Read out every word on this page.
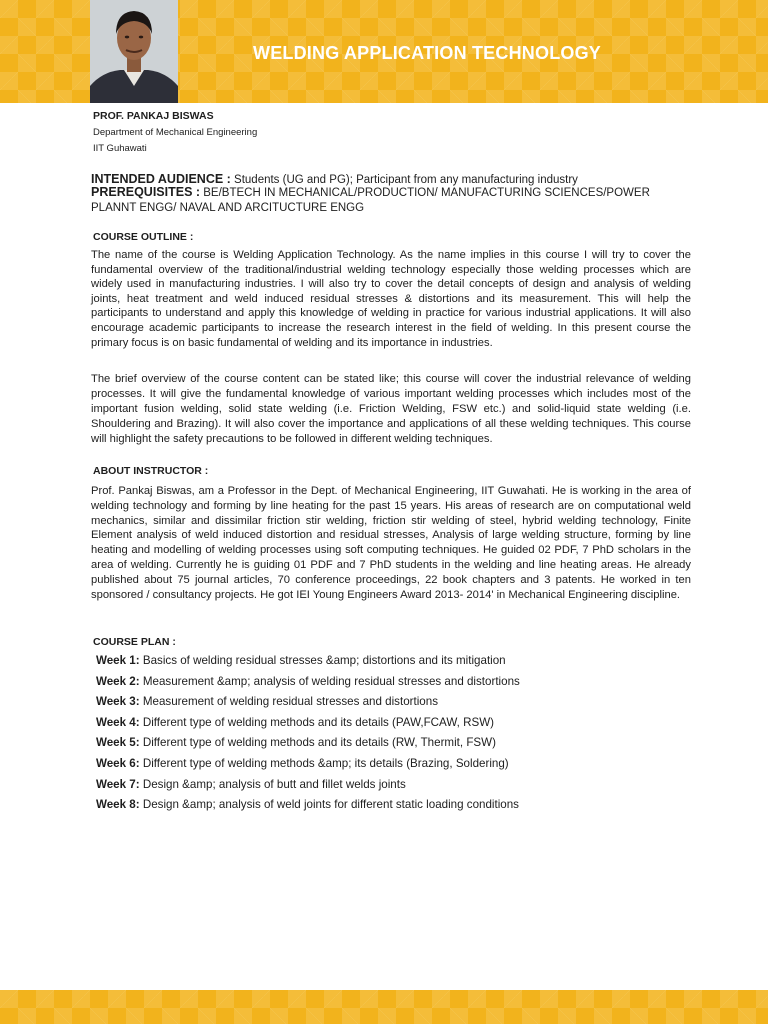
WELDING APPLICATION TECHNOLOGY
PROF. PANKAJ BISWAS
Department of Mechanical Engineering
IIT Guhawati
INTENDED AUDIENCE : Students (UG and PG); Participant from any manufacturing industry
PREREQUISITES : BE/BTECH IN MECHANICAL/PRODUCTION/ MANUFACTURING SCIENCES/POWER PLANNT ENGG/ NAVAL AND ARCITUCTURE ENGG
COURSE OUTLINE :
The name of the course is Welding Application Technology. As the name implies in this course I will try to cover the fundamental overview of the traditional/industrial welding technology especially those welding processes which are widely used in manufacturing industries. I will also try to cover the detail concepts of design and analysis of welding joints, heat treatment and weld induced residual stresses & distortions and its measurement. This will help the participants to understand and apply this knowledge of welding in practice for various industrial applications. It will also encourage academic participants to increase the research interest in the field of welding. In this present course the primary focus is on basic fundamental of welding and its importance in industries.
The brief overview of the course content can be stated like; this course will cover the industrial relevance of welding processes. It will give the fundamental knowledge of various important welding processes which includes most of the important fusion welding, solid state welding (i.e. Friction Welding, FSW etc.) and solid-liquid state welding (i.e. Shouldering and Brazing). It will also cover the importance and applications of all these welding techniques. This course will highlight the safety precautions to be followed in different welding techniques.
ABOUT INSTRUCTOR :
Prof. Pankaj Biswas, am a Professor in the Dept. of Mechanical Engineering, IIT Guwahati. He is working in the area of welding technology and forming by line heating for the past 15 years. His areas of research are on computational weld mechanics, similar and dissimilar friction stir welding, friction stir welding of steel, hybrid welding technology, Finite Element analysis of weld induced distortion and residual stresses, Analysis of large welding structure, forming by line heating and modelling of welding processes using soft computing techniques. He guided 02 PDF, 7 PhD scholars in the area of welding. Currently he is guiding 01 PDF and 7 PhD students in the welding and line heating areas. He already published about 75 journal articles, 70 conference proceedings, 22 book chapters and 3 patents. He worked in ten sponsored / consultancy projects. He got IEI Young Engineers Award 2013- 2014' in Mechanical Engineering discipline.
COURSE PLAN :
Week 1: Basics of welding residual stresses &amp; distortions and its mitigation
Week 2: Measurement &amp; analysis of welding residual stresses and distortions
Week 3: Measurement of welding residual stresses and distortions
Week 4: Different type of welding methods and its details (PAW,FCAW, RSW)
Week 5: Different type of welding methods and its details (RW, Thermit, FSW)
Week 6: Different type of welding methods &amp; its details (Brazing, Soldering)
Week 7: Design &amp; analysis of butt and fillet welds joints
Week 8: Design &amp; analysis of weld joints for different static loading conditions
